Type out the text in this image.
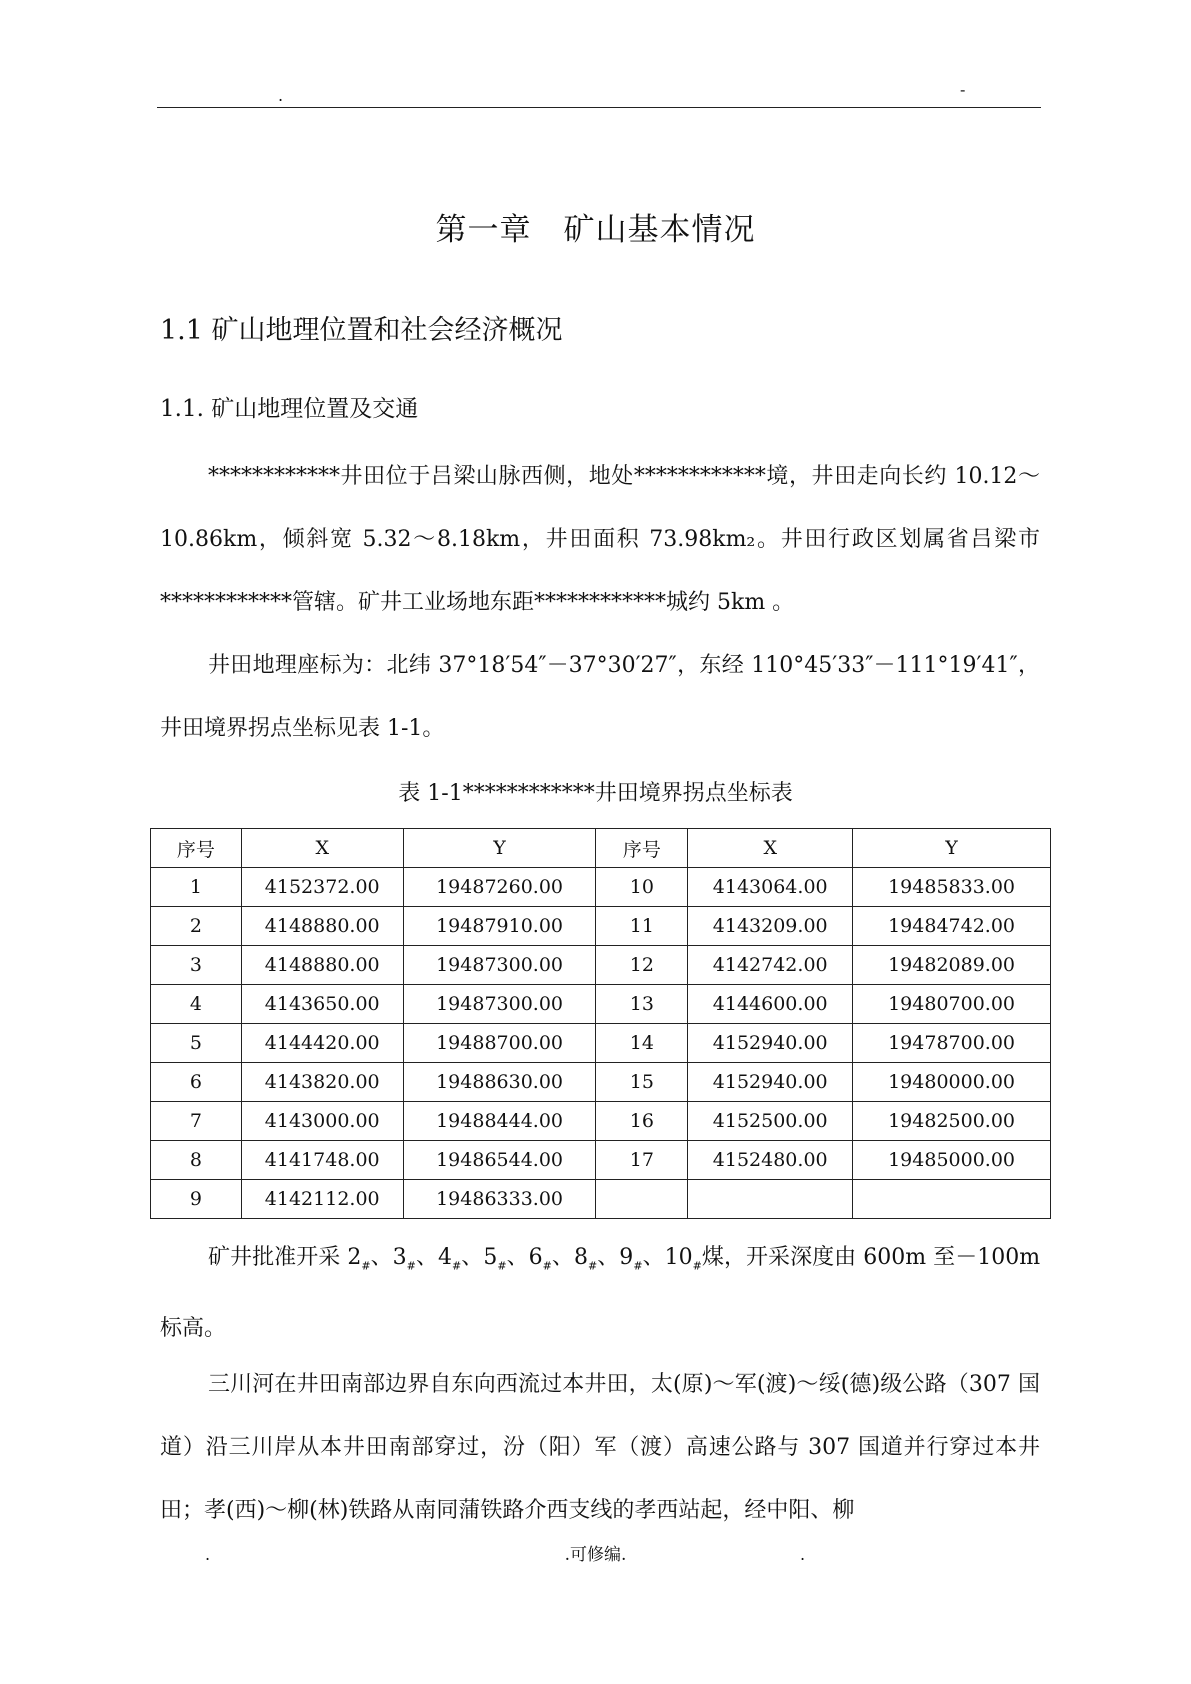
.	-
第一章　矿山基本情况
1.1 矿山地理位置和社会经济概况
1.1. 矿山地理位置及交通
************井田位于吕梁山脉西侧，地处************境，井田走向长约 10.12～10.86km，倾斜宽 5.32～8.18km，井田面积 73.98km₂。井田行政区划属省吕梁市************管辖。矿井工业场地东距************城约 5km 。
井田地理座标为：北纬 37°18′54″－37°30′27″，东经 110°45′33″－111°19′41″，井田境界拐点坐标见表 1-1。
表 1-1************井田境界拐点坐标表
序号	X	Y	序号	X	Y
1	4152372.00	19487260.00	10	4143064.00	19485833.00
2	4148880.00	19487910.00	11	4143209.00	19484742.00
3	4148880.00	19487300.00	12	4142742.00	19482089.00
4	4143650.00	19487300.00	13	4144600.00	19480700.00
5	4144420.00	19488700.00	14	4152940.00	19478700.00
6	4143820.00	19488630.00	15	4152940.00	19480000.00
7	4143000.00	19488444.00	16	4152500.00	19482500.00
8	4141748.00	19486544.00	17	4152480.00	19485000.00
9	4142112.00	19486333.00			
矿井批准开采 $2_{\#}$、$3_{\#}$、$4_{\#}$、$5_{\#}$、$6_{\#}$、$8_{\#}$、$9_{\#}$、$10_{\#}$煤，开采深度由 600m 至－100m 标高。
三川河在井田南部边界自东向西流过本井田，太(原)～军(渡)～绥(德)级公路（307 国道）沿三川岸从本井田南部穿过，汾（阳）军（渡）高速公路与 307 国道并行穿过本井田；孝(西)～柳(林)铁路从南同蒲铁路介西支线的孝西站起，经中阳、柳
.	.可修编.	.
